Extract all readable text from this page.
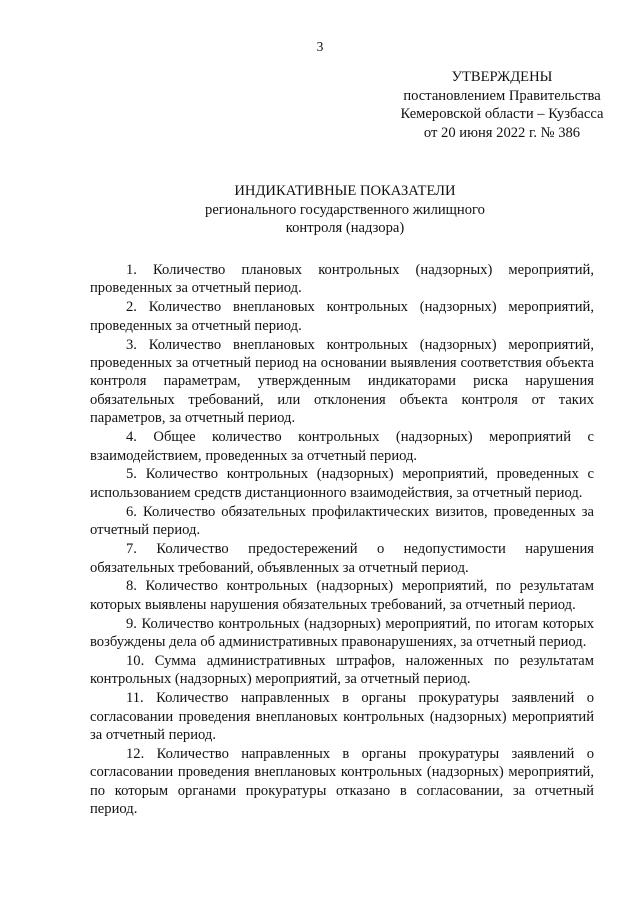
3
УТВЕРЖДЕНЫ
постановлением Правительства
Кемеровской области – Кузбасса
от 20 июня 2022 г. № 386
ИНДИКАТИВНЫЕ ПОКАЗАТЕЛИ
регионального государственного жилищного
контроля (надзора)

1. Количество плановых контрольных (надзорных) мероприятий, проведенных за отчетный период.

2. Количество внеплановых контрольных (надзорных) мероприятий, проведенных за отчетный период.

3. Количество внеплановых контрольных (надзорных) мероприятий, проведенных за отчетный период на основании выявления соответствия объекта контроля параметрам, утвержденным индикаторами риска нарушения обязательных требований, или отклонения объекта контроля от таких параметров, за отчетный период.

4. Общее количество контрольных (надзорных) мероприятий с взаимодействием, проведенных за отчетный период.

5. Количество контрольных (надзорных) мероприятий, проведенных с использованием средств дистанционного взаимодействия, за отчетный период.

6. Количество обязательных профилактических визитов, проведенных за отчетный период.

7. Количество предостережений о недопустимости нарушения обязательных требований, объявленных за отчетный период.

8. Количество контрольных (надзорных) мероприятий, по результатам которых выявлены нарушения обязательных требований, за отчетный период.

9. Количество контрольных (надзорных) мероприятий, по итогам которых возбуждены дела об административных правонарушениях, за отчетный период.

10. Сумма административных штрафов, наложенных по результатам контрольных (надзорных) мероприятий, за отчетный период.

11. Количество направленных в органы прокуратуры заявлений о согласовании проведения внеплановых контрольных (надзорных) мероприятий за отчетный период.

12. Количество направленных в органы прокуратуры заявлений о согласовании проведения внеплановых контрольных (надзорных) мероприятий, по которым органами прокуратуры отказано в согласовании, за отчетный период.
